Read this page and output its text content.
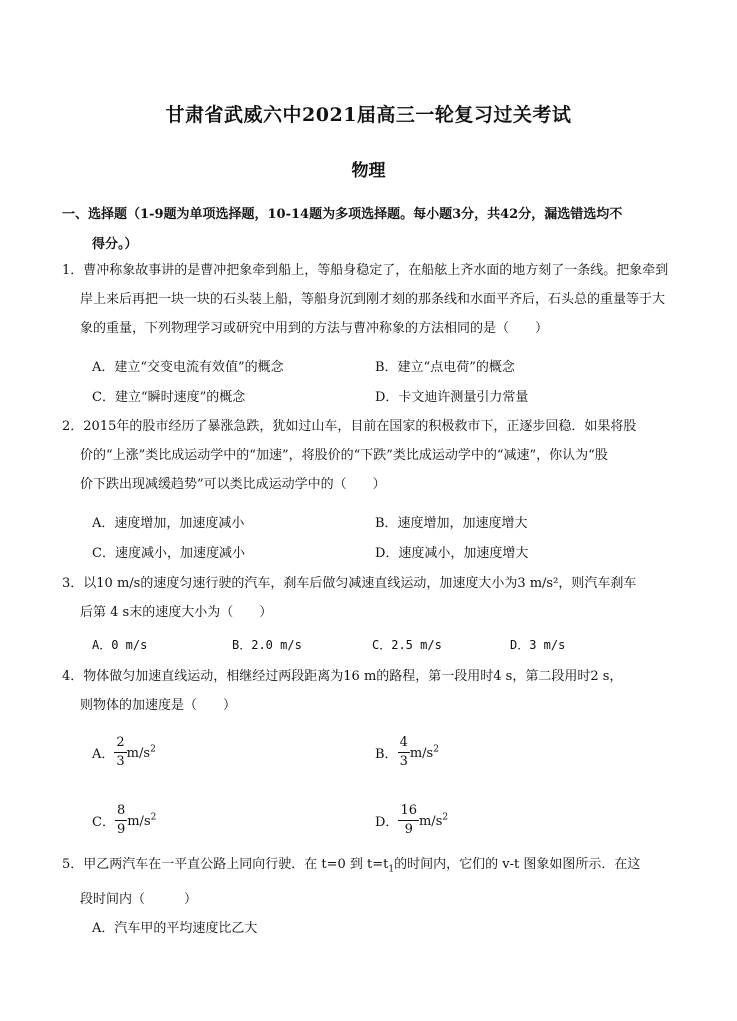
甘肃省武威六中2021届高三一轮复习过关考试
物理
一、选择题（1-9题为单项选择题，10-14题为多项选择题。每小题3分，共42分，漏选错选均不
得分。）
1．曹冲称象故事讲的是曹冲把象牵到船上，等船身稳定了，在船舷上齐水面的地方刻了一条线。把象牵到
岸上来后再把一块一块的石头装上船，等船身沉到刚才刻的那条线和水面平齐后，石头总的重量等于大
象的重量，下列物理学习或研究中用到的方法与曹冲称象的方法相同的是（　　）
A．建立“交变电流有效值”的概念	B．建立“点电荷”的概念
C．建立“瞬时速度”的概念	D．卡文迪许测量引力常量
2．2015年的股市经历了暴涨急跌，犹如过山车，目前在国家的积极救市下，正逐步回稳．如果将股
价的“上涨”类比成运动学中的“加速”，将股价的“下跌”类比成运动学中的“减速”，你认为“股
价下跌出现减缓趋势”可以类比成运动学中的（　　）
A．速度增加，加速度减小	B．速度增加，加速度增大
C．速度减小，加速度减小	D．速度减小，加速度增大
3．以10 m/s的速度匀速行驶的汽车，刹车后做匀减速直线运动，加速度大小为3 m/s²，则汽车刹车
后第 4 s末的速度大小为（　　）
A．0 m/s	B．2.0 m/s	C．2.5 m/s	D．3 m/s
4．物体做匀加速直线运动，相继经过两段距离为16 m的路程，第一段用时4 s，第二段用时2 s，
则物体的加速度是（　　）
A． $\frac{2}{3} m/s^2$	B． $\frac{4}{3} m/s^2$
C． $\frac{8}{9} m/s^2$	D． $\frac{16}{9} m/s^2$
5．甲乙两汽车在一平直公路上同向行驶．在 t=0 到 $t=t_1$的时间内，它们的 v-t 图象如图所示．在这
段时间内（　　　）
A．汽车甲的平均速度比乙大
